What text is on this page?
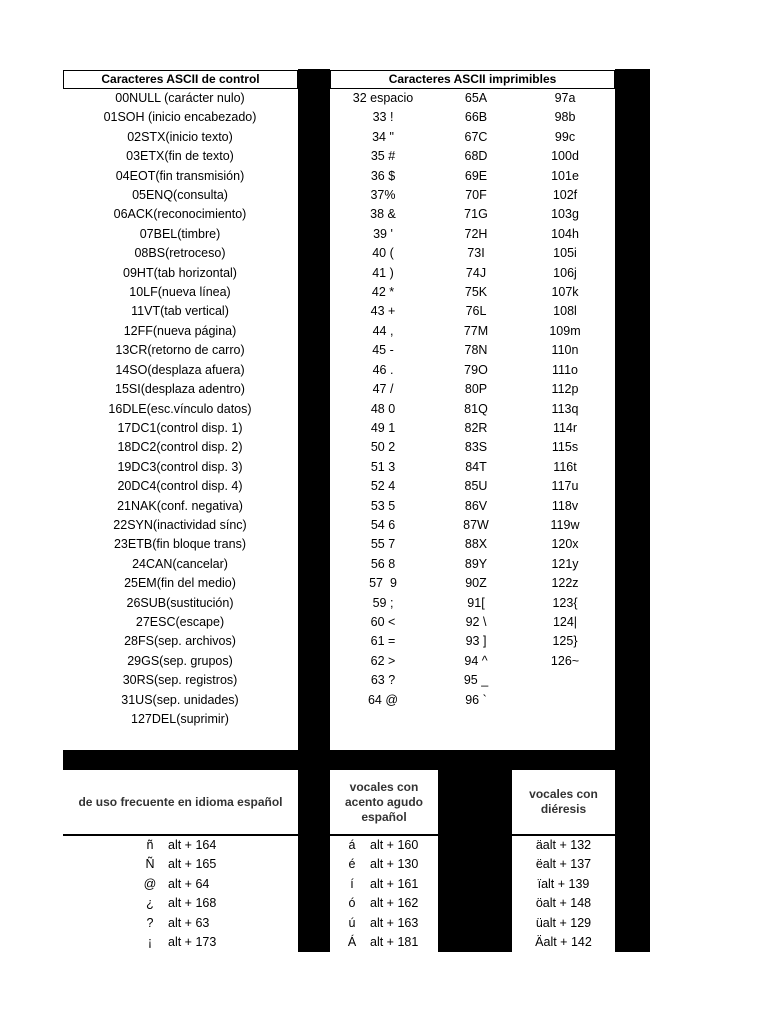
Caracteres ASCII de control	Caracteres ASCII imprimibles
00NULL (carácter nulo)
01SOH (inicio encabezado)
02STX(inicio texto)
03ETX(fin de texto)
04EOT(fin transmisión)
05ENQ(consulta)
06ACK(reconocimiento)
07BEL(timbre)
08BS(retroceso)
09HT(tab horizontal)
10LF(nueva línea)
11VT(tab vertical)
12FF(nueva página)
13CR(retorno de carro)
14SO(desplaza afuera)
15SI(desplaza adentro)
16DLE(esc.vínculo datos)
17DC1(control disp. 1)
18DC2(control disp. 2)
19DC3(control disp. 3)
20DC4(control disp. 4)
21NAK(conf. negativa)
22SYN(inactividad sínc)
23ETB(fin bloque trans)
24CAN(cancelar)
25EM(fin del medio)
26SUB(sustitución)
27ESC(escape)
28FS(sep. archivos)
29GS(sep. grupos)
30RS(sep. registros)
31US(sep. unidades)
127DEL(suprimir)
32 espacio
33 !
34 "
35 #
36 $
37%
38 &
39 '
40 (
41 )
42 *
43 +
44 ,
45 -
46 .
47 /
48 0
49 1
50 2
51 3
52 4
53 5
54 6
55 7
56 8
57  9
59 ;
60 <
61 =
62 >
63 ?
64 @
65A
66B
67C
68D
69E
70F
71G
72H
73I
74J
75K
76L
77M
78N
79O
80P
81Q
82R
83S
84T
85U
86V
87W
88X
89Y
90Z
91[
92 \
93 ]
94 ^
95 _
96 `
97a
98b
99c
100d
101e
102f
103g
104h
105i
106j
107k
108l
109m
110n
111o
112p
113q
114r
115s
116t
117u
118v
119w
120x
121y
122z
123{
124|
125}
126~
de uso frecuente en idioma español
vocales con acento agudo español
vocales con diéresis
ñ
Ñ
@
¿
?
¡
alt + 164
alt + 165
alt + 64
alt + 168
alt + 63
alt + 173
á
é
í
ó
ú
Á
alt + 160
alt + 130
alt + 161
alt + 162
alt + 163
alt + 181
äalt + 132
ëalt + 137
ïalt + 139
öalt + 148
üalt + 129
Äalt + 142
